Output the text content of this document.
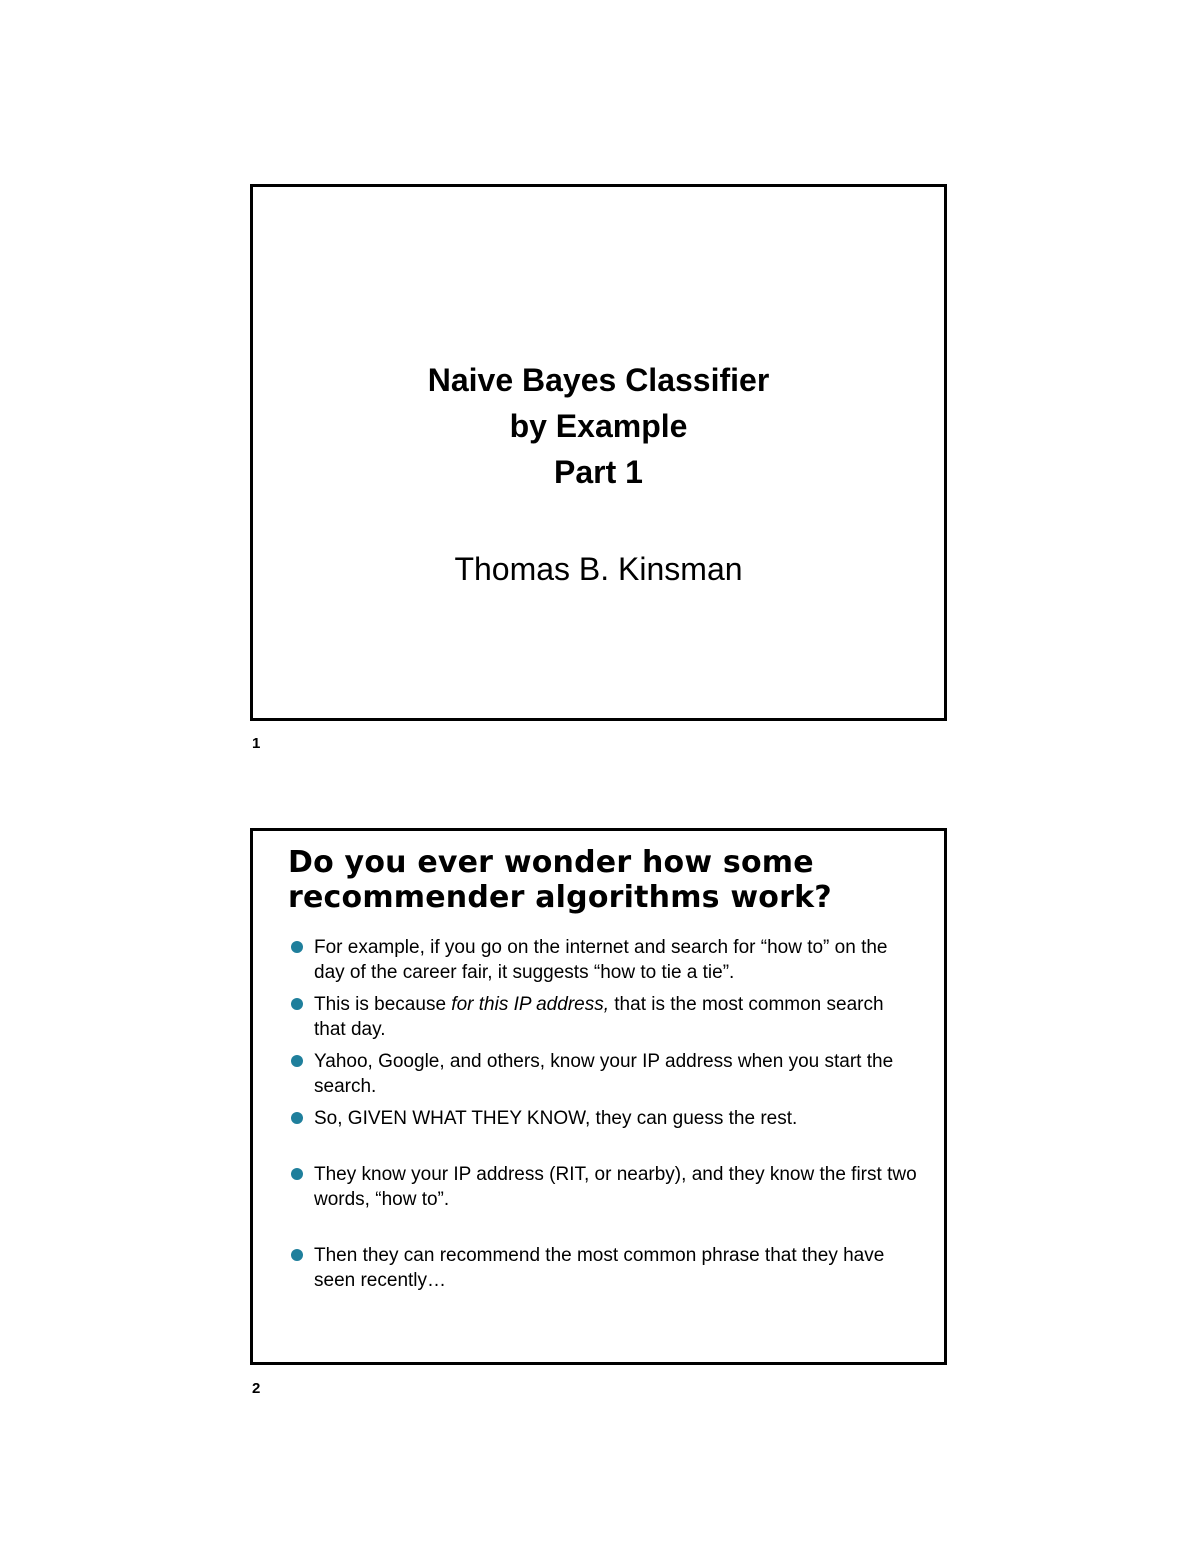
Naive Bayes Classifier
by Example
Part 1
Thomas B. Kinsman
1
Do you ever wonder how some recommender algorithms work?
For example, if you go on the internet and search for “how to” on the day of the career fair, it suggests “how to tie a tie”.
This is because for this IP address, that is the most common search that day.
Yahoo, Google, and others, know your IP address when you start the search.
So, GIVEN WHAT THEY KNOW, they can guess the rest.
They know your IP address (RIT, or nearby), and they know the first two words, “how to”.
Then they can recommend the most common phrase that they have seen recently…
2
